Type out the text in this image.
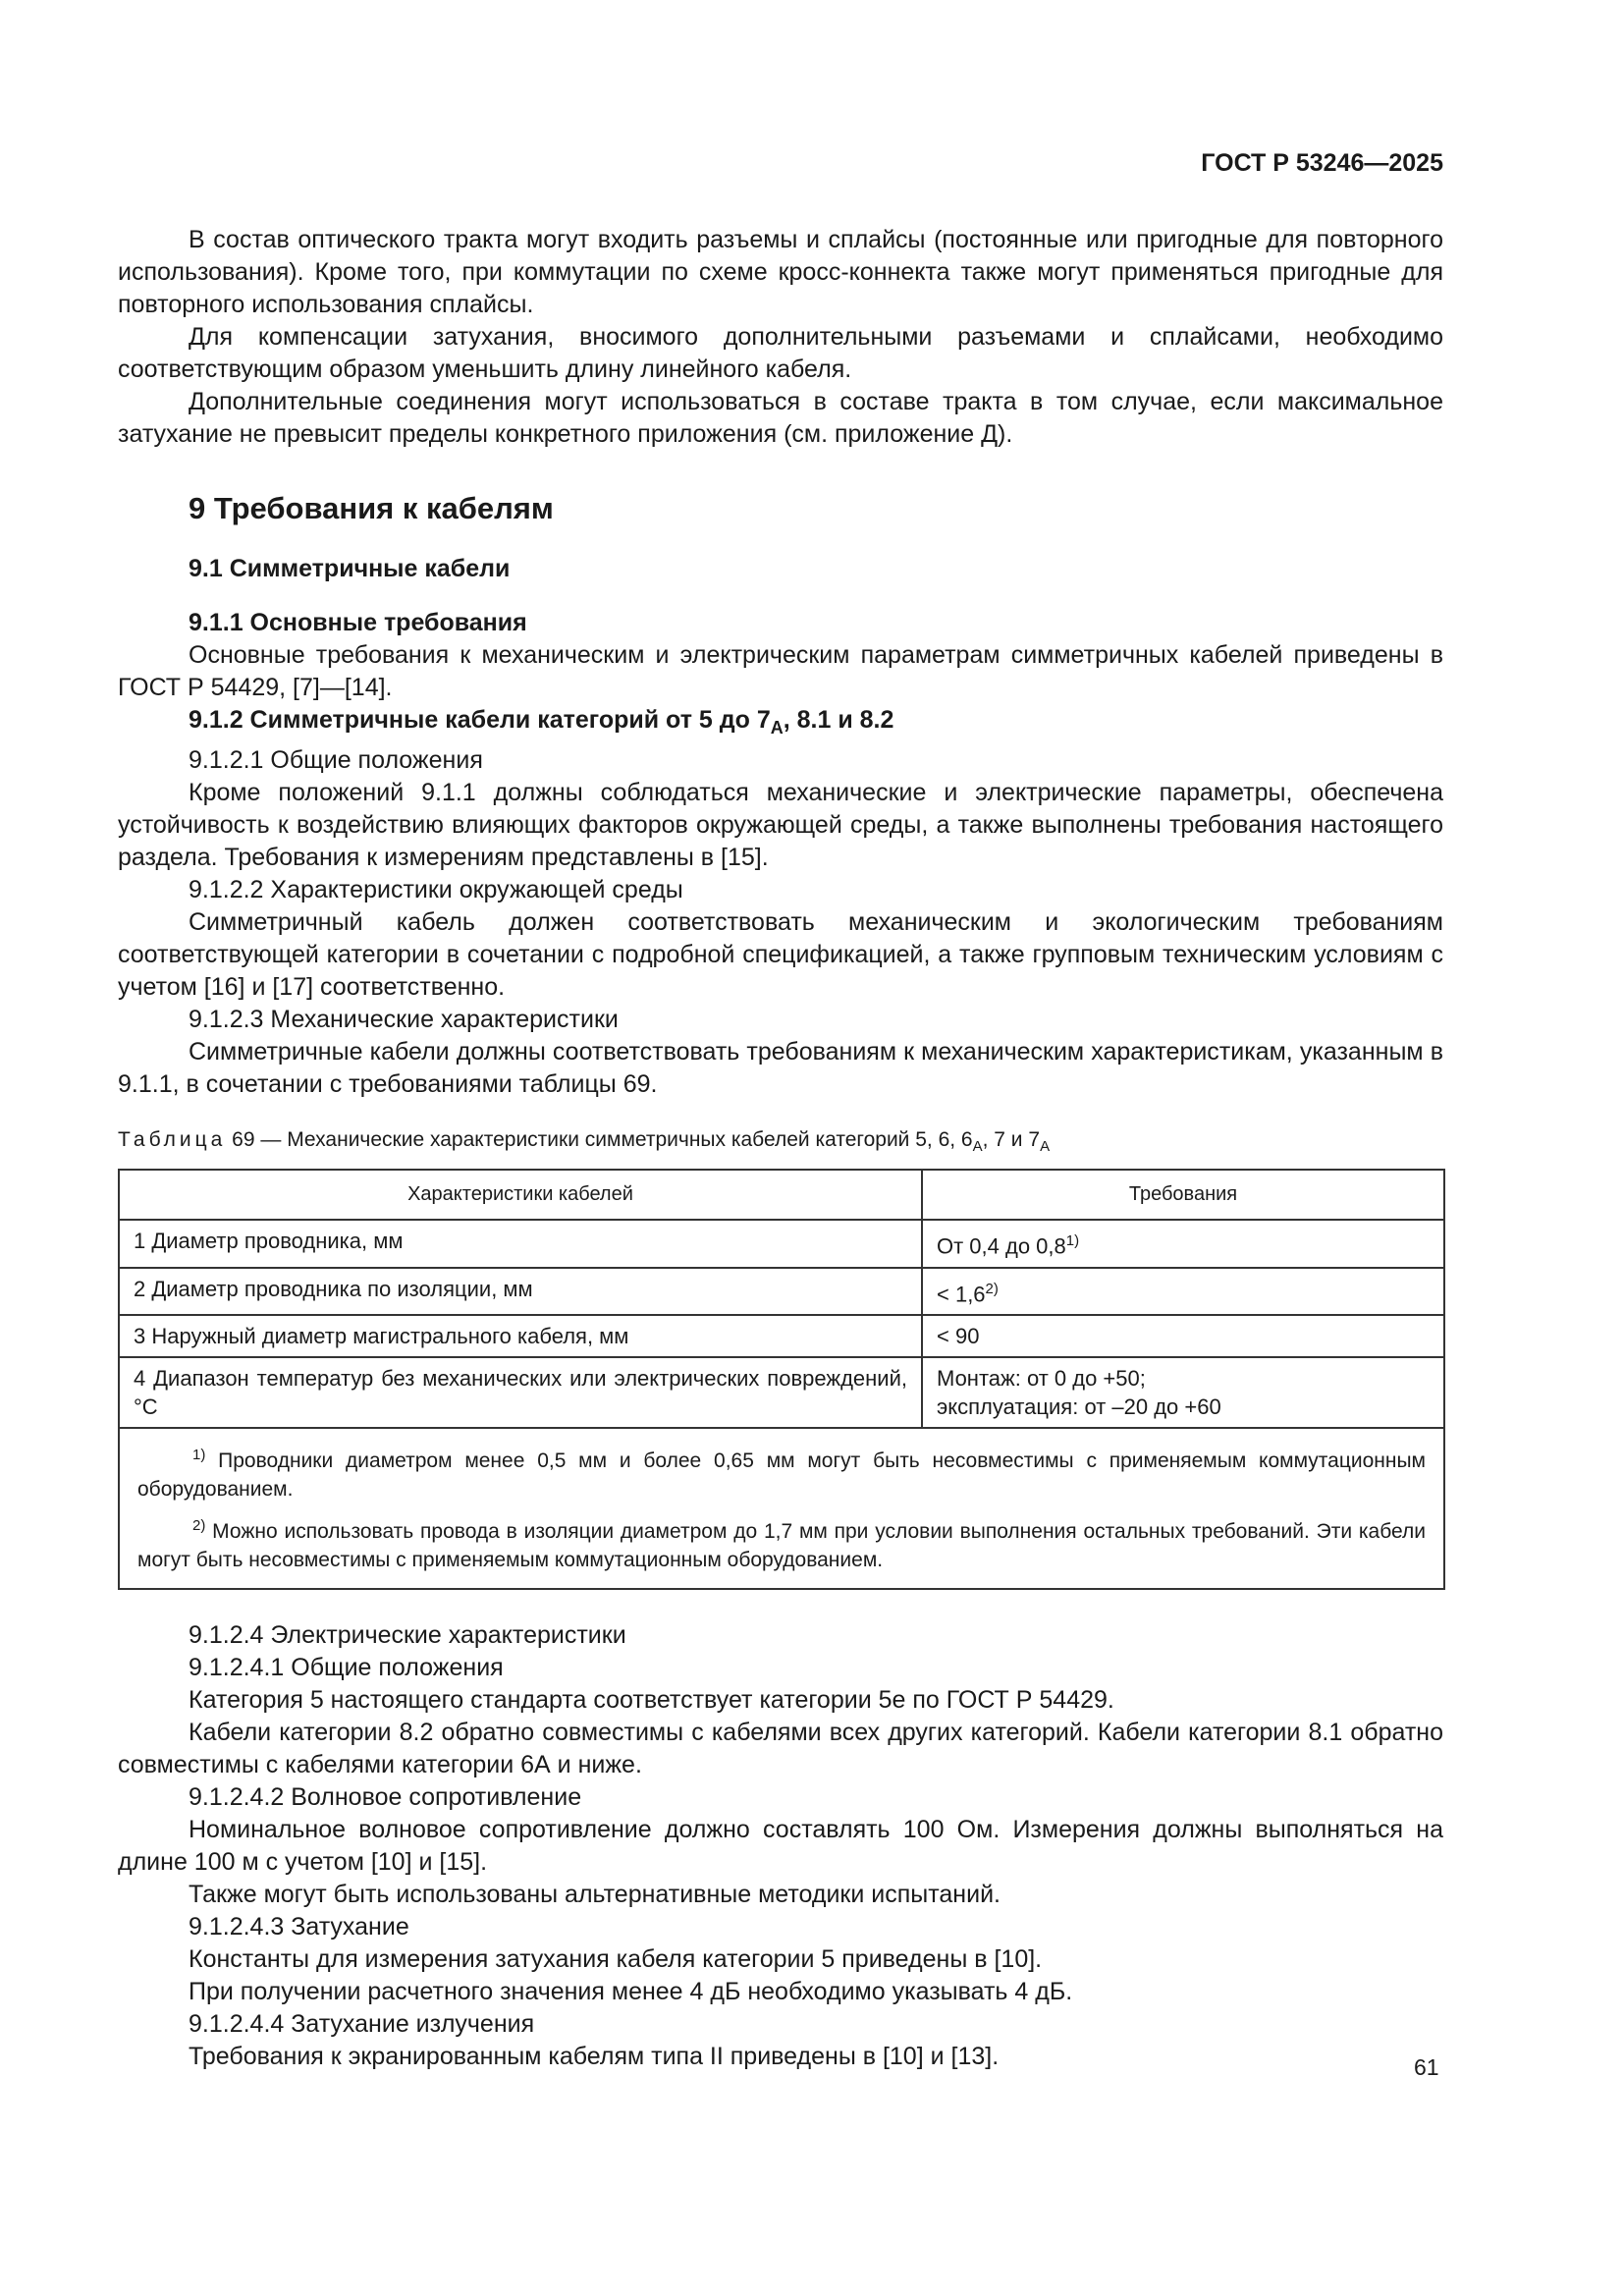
ГОСТ Р 53246—2025

В состав оптического тракта могут входить разъемы и сплайсы (постоянные или пригодные для повторного использования). Кроме того, при коммутации по схеме кросс-коннекта также могут применяться пригодные для повторного использования сплайсы.

Для компенсации затухания, вносимого дополнительными разъемами и сплайсами, необходимо соответствующим образом уменьшить длину линейного кабеля.

Дополнительные соединения могут использоваться в составе тракта в том случае, если максимальное затухание не превысит пределы конкретного приложения (см. приложение Д).

9 Требования к кабелям
9.1 Симметричные кабели
9.1.1 Основные требования

Основные требования к механическим и электрическим параметрам симметричных кабелей приведены в ГОСТ Р 54429, [7]—[14].

9.1.2 Симметричные кабели категорий от 5 до $7_A$, 8.1 и 8.2

9.1.2.1 Общие положения

Кроме положений 9.1.1 должны соблюдаться механические и электрические параметры, обеспечена устойчивость к воздействию влияющих факторов окружающей среды, а также выполнены требования настоящего раздела. Требования к измерениям представлены в [15].

9.1.2.2 Характеристики окружающей среды

Симметричный кабель должен соответствовать механическим и экологическим требованиям соответствующей категории в сочетании с подробной спецификацией, а также групповым техническим условиям с учетом [16] и [17] соответственно.

9.1.2.3 Механические характеристики

Симметричные кабели должны соответствовать требованиям к механическим характеристикам, указанным в 9.1.1, в сочетании с требованиями таблицы 69.

Таблица 69 — Механические характеристики симметричных кабелей категорий 5, 6, $6_A$, 7 и $7_A$
Характеристики кабелей	Требования
1 Диаметр проводника, мм	От 0,4 до 0,8$^{1)}$
2 Диаметр проводника по изоляции, мм	< $1,6^{2)}$
3 Наружный диаметр магистрального кабеля, мм	< 90
4 Диапазон температур без механических или электрических повреждений, °С	Монтаж: от 0 до +50;
эксплуатация: от –20 до +60

$^{1)}$ Проводники диаметром менее 0,5 мм и более 0,65 мм могут быть несовместимы с применяемым коммутационным оборудованием.
$^{2)}$ Можно использовать провода в изоляции диаметром до 1,7 мм при условии выполнения остальных требований. Эти кабели могут быть несовместимы с применяемым коммутационным оборудованием.	

9.1.2.4 Электрические характеристики

9.1.2.4.1 Общие положения

Категория 5 настоящего стандарта соответствует категории 5e по ГОСТ Р 54429.

Кабели категории 8.2 обратно совместимы с кабелями всех других категорий. Кабели категории 8.1 обратно совместимы с кабелями категории 6А и ниже.

9.1.2.4.2 Волновое сопротивление

Номинальное волновое сопротивление должно составлять 100 Ом. Измерения должны выполняться на длине 100 м с учетом [10] и [15].

Также могут быть использованы альтернативные методики испытаний.

9.1.2.4.3 Затухание

Константы для измерения затухания кабеля категории 5 приведены в [10].

При получении расчетного значения менее 4 дБ необходимо указывать 4 дБ.

9.1.2.4.4 Затухание излучения

Требования к экранированным кабелям типа II приведены в [10] и [13].	61
